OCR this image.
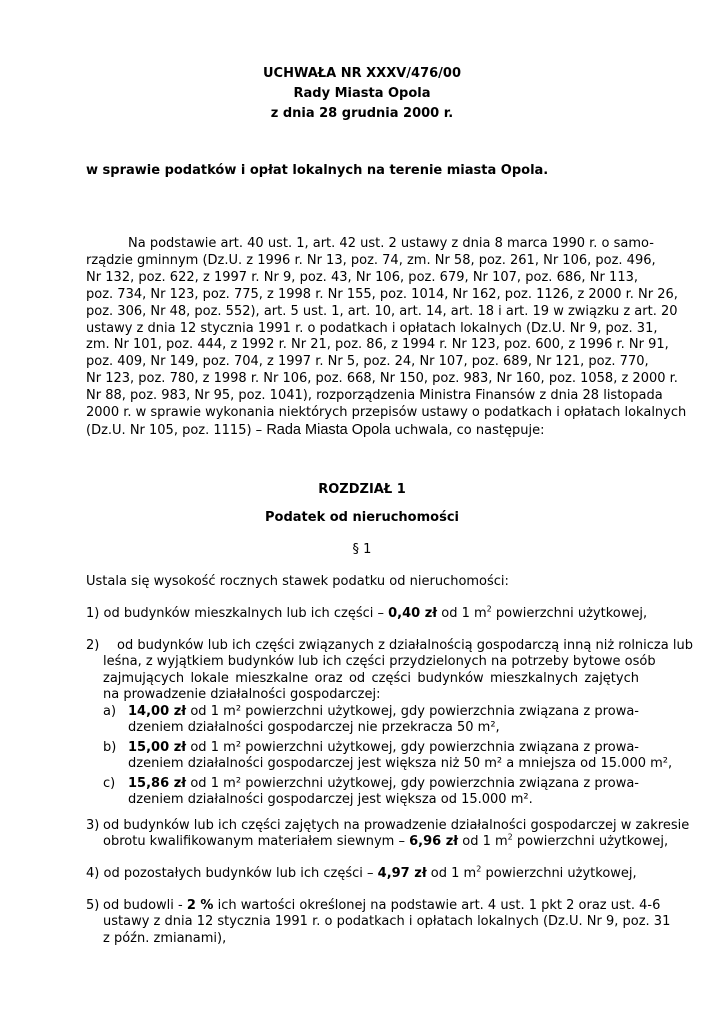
UCHWAŁA NR XXXV/476/00
Rady Miasta Opola
z dnia 28 grudnia 2000 r.
w sprawie podatków i opłat lokalnych na terenie miasta Opola.
Na podstawie art. 40 ust. 1, art. 42 ust. 2 ustawy z dnia 8 marca 1990 r. o samo-
rządzie gminnym (Dz.U. z 1996 r. Nr 13, poz. 74, zm. Nr 58, poz. 261, Nr 106, poz. 496,
Nr 132, poz. 622, z 1997 r. Nr 9, poz. 43, Nr 106, poz. 679, Nr 107, poz. 686, Nr 113,
poz. 734, Nr 123, poz. 775, z 1998 r. Nr 155, poz. 1014, Nr 162, poz. 1126, z 2000 r. Nr 26,
poz. 306, Nr 48, poz. 552), art. 5 ust. 1, art. 10, art. 14, art. 18 i art. 19 w związku z art. 20
ustawy z dnia 12 stycznia 1991 r. o podatkach i opłatach lokalnych (Dz.U. Nr 9, poz. 31,
zm. Nr 101, poz. 444, z 1992 r. Nr 21, poz. 86, z 1994 r. Nr 123, poz. 600, z 1996 r. Nr 91,
poz. 409, Nr 149, poz. 704, z 1997 r. Nr 5, poz. 24, Nr 107, poz. 689, Nr 121, poz. 770,
Nr 123, poz. 780, z 1998 r. Nr 106, poz. 668, Nr 150, poz. 983, Nr 160, poz. 1058, z 2000 r.
Nr 88, poz. 983, Nr 95, poz. 1041), rozporządzenia Ministra Finansów z dnia 28 listopada
2000 r. w sprawie wykonania niektórych przepisów ustawy o podatkach i opłatach lokalnych
(Dz.U. Nr 105, poz. 1115) – Rada Miasta Opola uchwala, co następuje:
ROZDZIAŁ 1
Podatek od nieruchomości
§ 1
Ustala się wysokość rocznych stawek podatku od nieruchomości:
1) od budynków mieszkalnych lub ich części – 0,40 zł od 1 $m^2$ powierzchni użytkowej,
2) od budynków lub ich części związanych z działalnością gospodarczą inną niż rolnicza lub
leśna, z wyjątkiem budynków lub ich części przydzielonych na potrzeby bytowe osób
zajmujących lokale mieszkalne oraz od części budynków mieszkalnych zajętych
na prowadzenie działalności gospodarczej:
a) 14,00 zł od 1 m² powierzchni użytkowej, gdy powierzchnia związana z prowa-
dzeniem działalności gospodarczej nie przekracza 50 m²,
b) 15,00 zł od 1 m² powierzchni użytkowej, gdy powierzchnia związana z prowa-
dzeniem działalności gospodarczej jest większa niż 50 m² a mniejsza od 15.000 m²,
c) 15,86 zł od 1 m² powierzchni użytkowej, gdy powierzchnia związana z prowa-
dzeniem działalności gospodarczej jest większa od 15.000 m².
3) od budynków lub ich części zajętych na prowadzenie działalności gospodarczej w zakresie
obrotu kwalifikowanym materiałem siewnym – 6,96 zł od 1 $m^2$ powierzchni użytkowej,
4) od pozostałych budynków lub ich części – 4,97 zł od 1 $m^2$ powierzchni użytkowej,
5) od budowli - 2 % ich wartości określonej na podstawie art. 4 ust. 1 pkt 2 oraz ust. 4-6
ustawy z dnia 12 stycznia 1991 r. o podatkach i opłatach lokalnych (Dz.U. Nr 9, poz. 31
z późn. zmianami),
